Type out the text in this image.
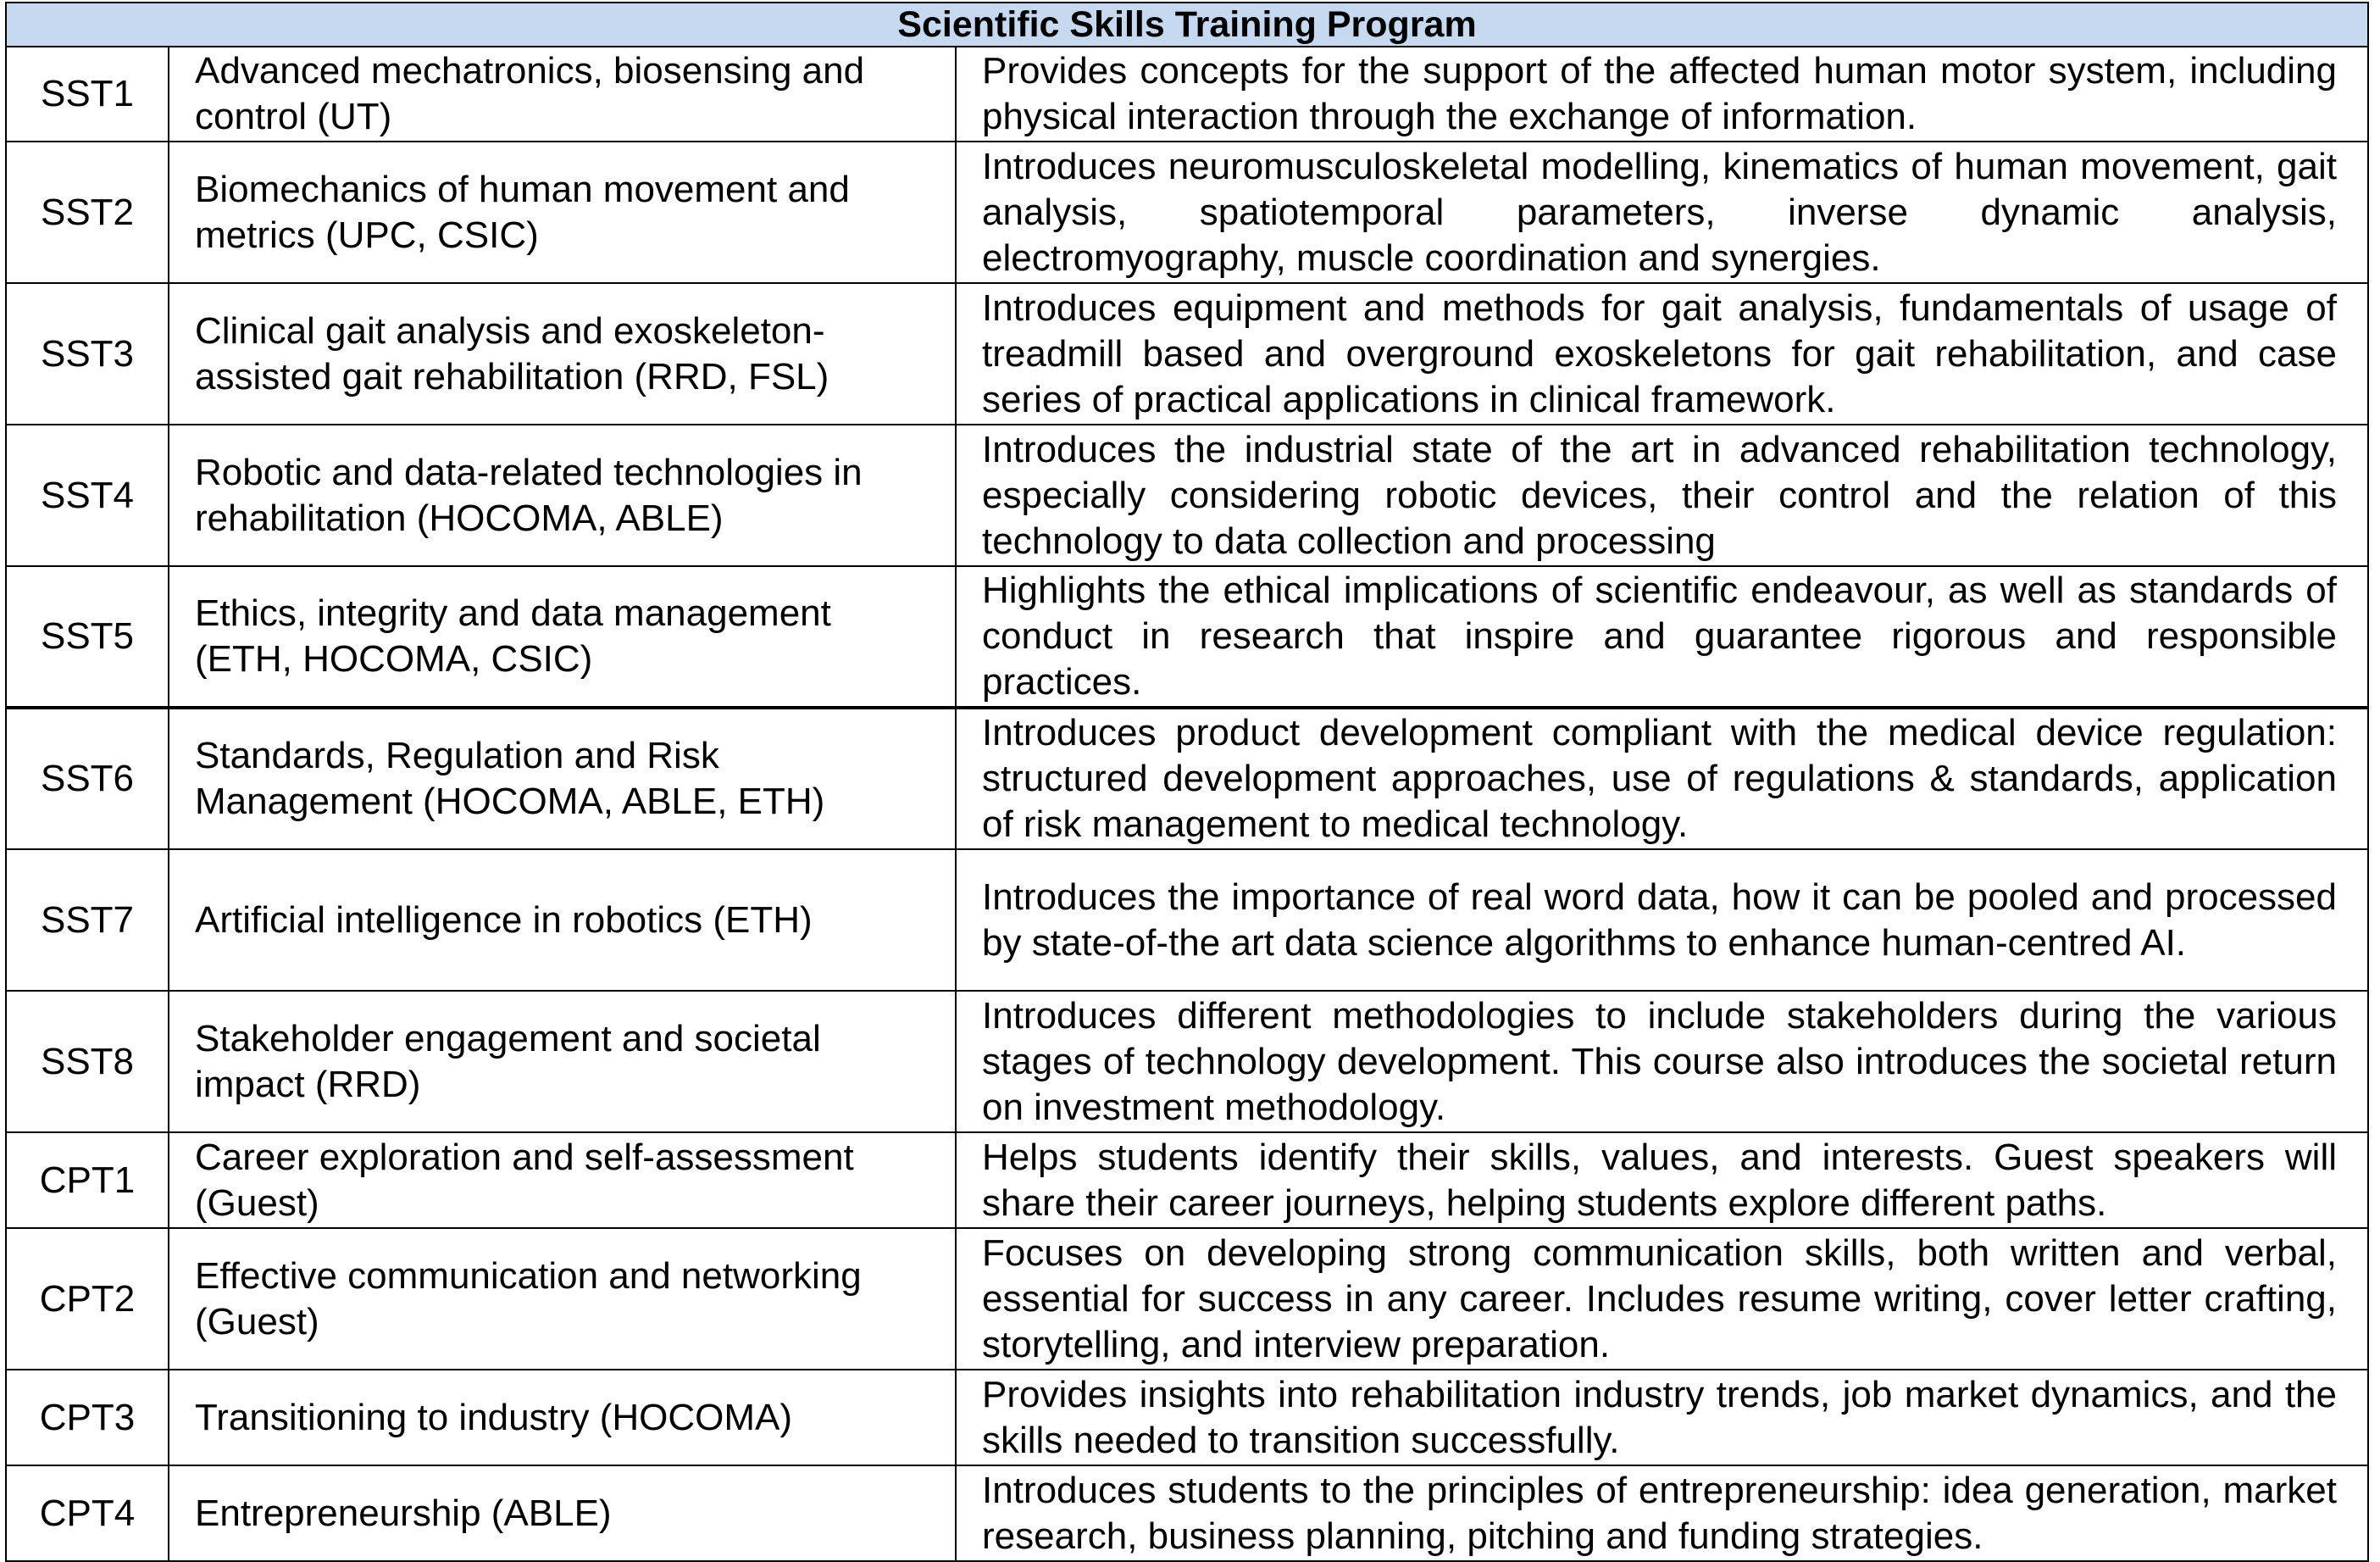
Scientific Skills Training Program		
SST1	Advanced mechatronics, biosensing and control (UT)	Provides concepts for the support of the affected human motor system, including physical interaction through the exchange of information.
SST2	Biomechanics of human movement and metrics (UPC, CSIC)	Introduces neuromusculoskeletal modelling, kinematics of human movement, gait analysis, spatiotemporal parameters, inverse dynamic analysis, electromyography, muscle coordination and synergies.
SST3	Clinical gait analysis and exoskeleton-assisted gait rehabilitation (RRD, FSL)	Introduces equipment and methods for gait analysis, fundamentals of usage of treadmill based and overground exoskeletons for gait rehabilitation, and case series of practical applications in clinical framework.
SST4	Robotic and data-related technologies in rehabilitation (HOCOMA, ABLE)	Introduces the industrial state of the art in advanced rehabilitation technology, especially considering robotic devices, their control and the relation of this technology to data collection and processing
SST5	Ethics, integrity and data management (ETH, HOCOMA, CSIC)	Highlights the ethical implications of scientific endeavour, as well as standards of conduct in research that inspire and guarantee rigorous and responsible practices.
SST6	Standards, Regulation and Risk Management (HOCOMA, ABLE, ETH)	Introduces product development compliant with the medical device regulation: structured development approaches, use of regulations & standards, application of risk management to medical technology.
SST7	Artificial intelligence in robotics (ETH)	Introduces the importance of real word data, how it can be pooled and processed by state-of-the art data science algorithms to enhance human-centred AI.
SST8	Stakeholder engagement and societal impact (RRD)	Introduces different methodologies to include stakeholders during the various stages of technology development. This course also introduces the societal return on investment methodology.
CPT1	Career exploration and self-assessment (Guest)	Helps students identify their skills, values, and interests. Guest speakers will share their career journeys, helping students explore different paths.
CPT2	Effective communication and networking (Guest)	Focuses on developing strong communication skills, both written and verbal, essential for success in any career. Includes resume writing, cover letter crafting, storytelling, and interview preparation.
CPT3	Transitioning to industry (HOCOMA)	Provides insights into rehabilitation industry trends, job market dynamics, and the skills needed to transition successfully.
CPT4	Entrepreneurship (ABLE)	Introduces students to the principles of entrepreneurship: idea generation, market research, business planning, pitching and funding strategies.
